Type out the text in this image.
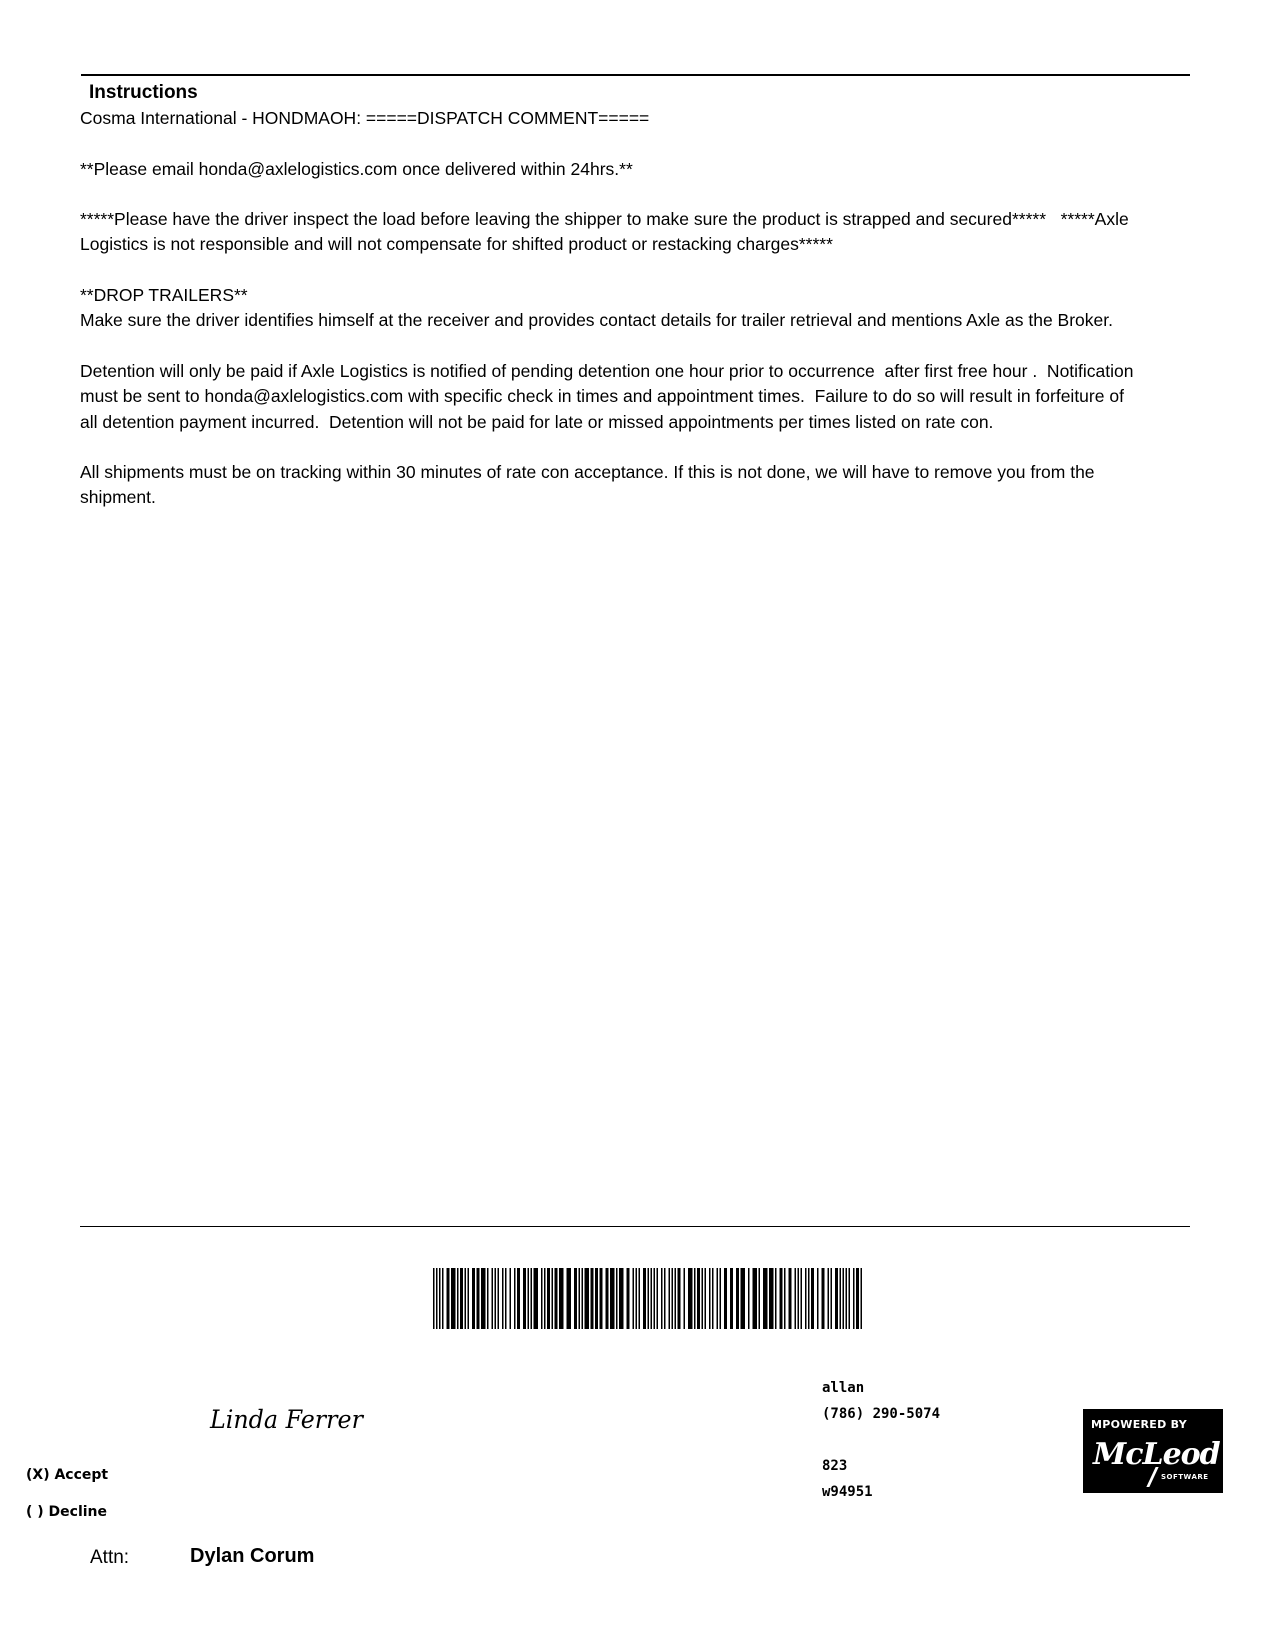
Instructions

Cosma International - HONDMAOH: =====DISPATCH COMMENT=====

**Please email honda@axlelogistics.com once delivered within 24hrs.**

*****Please have the driver inspect the load before leaving the shipper to make sure the product is strapped and secured*****   *****Axle Logistics is not responsible and will not compensate for shifted product or restacking charges*****

**DROP TRAILERS**
Make sure the driver identifies himself at the receiver and provides contact details for trailer retrieval and mentions Axle as the Broker.

Detention will only be paid if Axle Logistics is notified of pending detention one hour prior to occurrence  after first free hour .  Notification must be sent to honda@axlelogistics.com with specific check in times and appointment times.  Failure to do so will result in forfeiture of all detention payment incurred.  Detention will not be paid for late or missed appointments per times listed on rate con.

All shipments must be on tracking within 30 minutes of rate con acceptance. If this is not done, we will have to remove you from the shipment.

Linda Ferrer
(X) Accept
( ) Decline
Attn:	Dylan Corum
allan
(786) 290-5074
823
w94951
MPOWERED BY
McLeod
SOFTWARE
